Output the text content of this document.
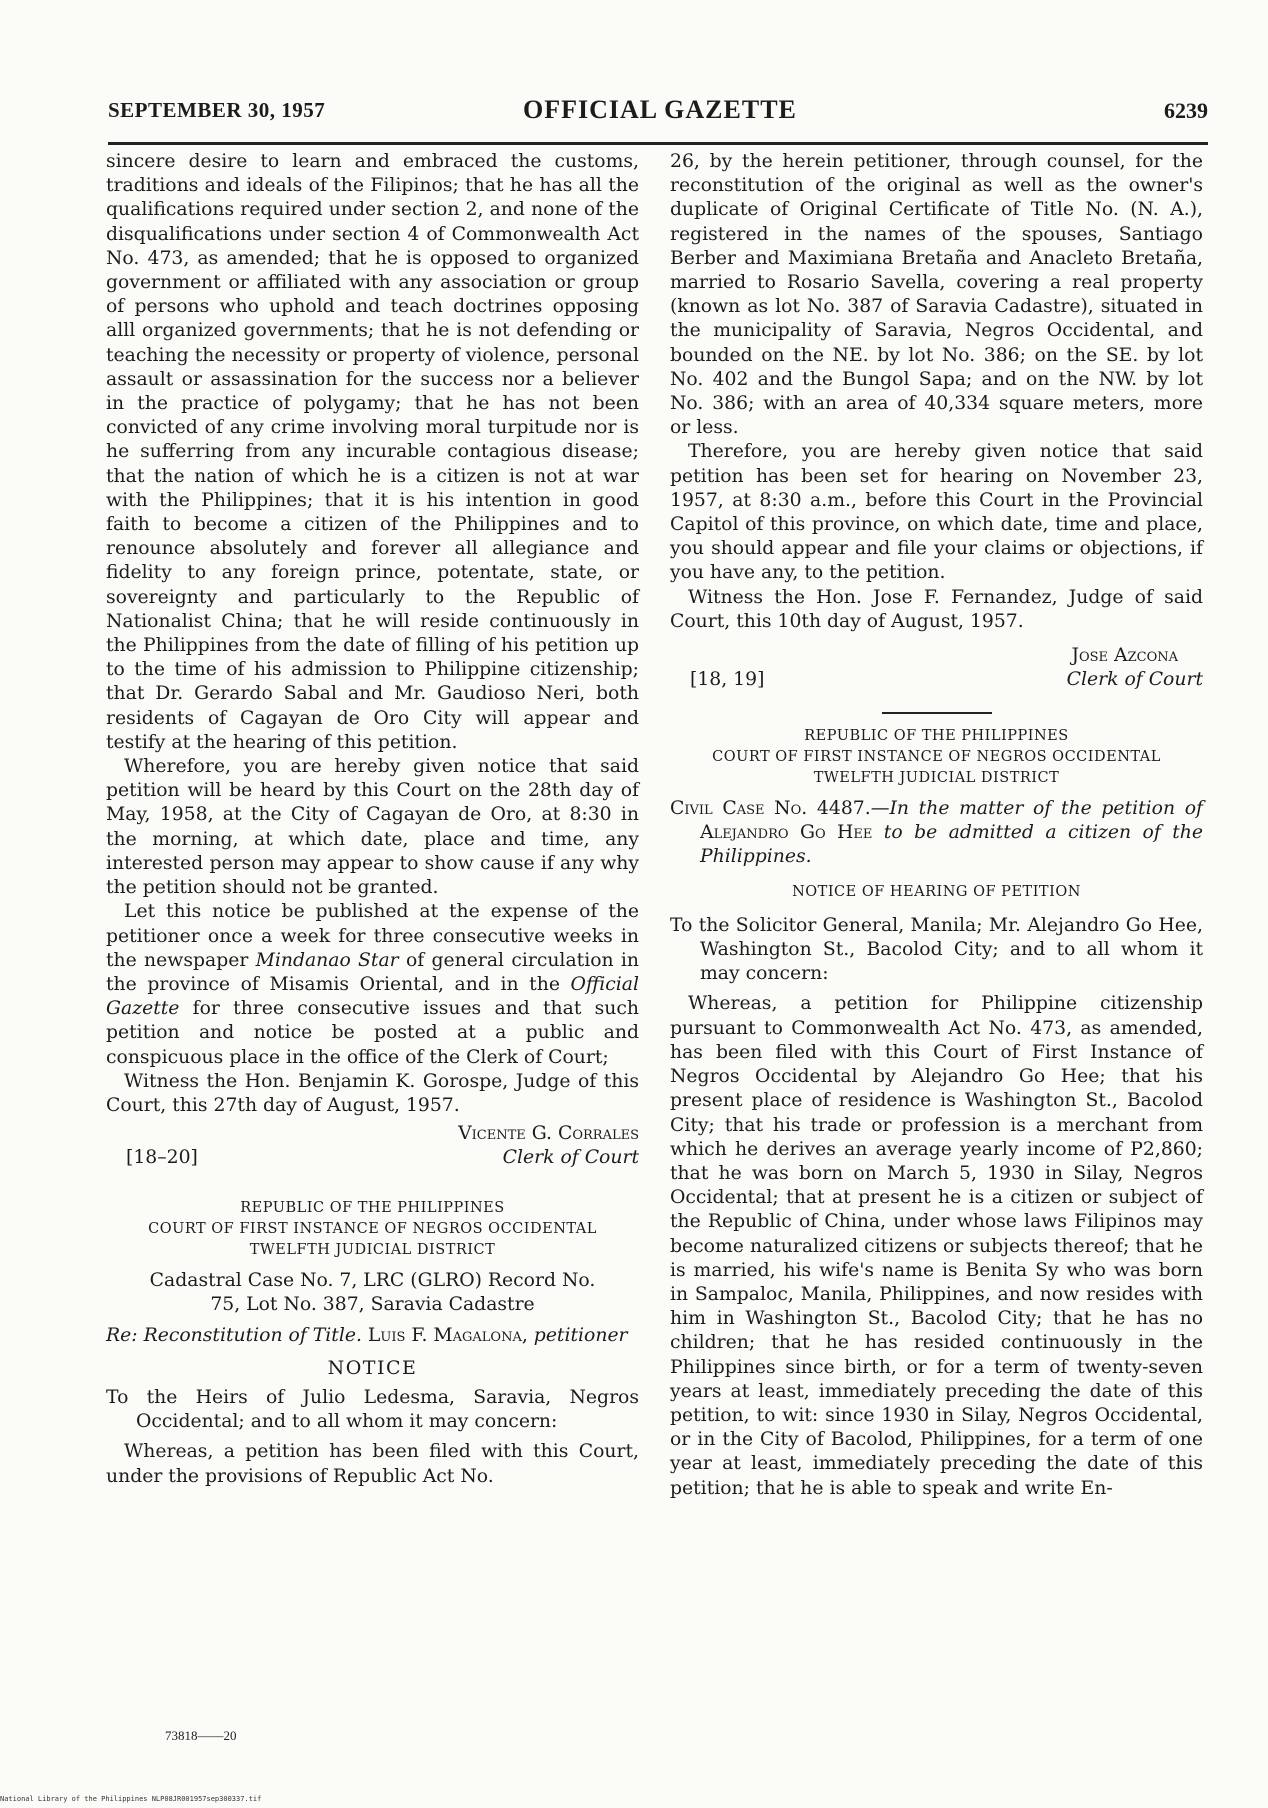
SEPTEMBER 30, 1957	OFFICIAL GAZETTE	6239

sincere desire to learn and embraced the customs, traditions and ideals of the Filipinos; that he has all the qualifications required under section 2, and none of the disqualifications under section 4 of Commonwealth Act No. 473, as amended; that he is opposed to organized government or affiliated with any association or group of persons who uphold and teach doctrines opposing alll organized governments; that he is not defending or teaching the necessity or property of violence, personal assault or assassination for the success nor a believer in the practice of polygamy; that he has not been convicted of any crime involving moral turpitude nor is he sufferring from any incurable contagious disease; that the nation of which he is a citizen is not at war with the Philippines; that it is his intention in good faith to become a citizen of the Philippines and to renounce absolutely and forever all allegiance and fidelity to any foreign prince, potentate, state, or sovereignty and particularly to the Republic of Nationalist China; that he will reside continuously in the Philippines from the date of filling of his petition up to the time of his admission to Philippine citizenship; that Dr. Gerardo Sabal and Mr. Gaudioso Neri, both residents of Cagayan de Oro City will appear and testify at the hearing of this petition.

Wherefore, you are hereby given notice that said petition will be heard by this Court on the 28th day of May, 1958, at the City of Cagayan de Oro, at 8:30 in the morning, at which date, place and time, any interested person may appear to show cause if any why the petition should not be granted.

Let this notice be published at the expense of the petitioner once a week for three consecutive weeks in the newspaper Mindanao Star of general circulation in the province of Misamis Oriental, and in the Official Gazette for three consecutive issues and that such petition and notice be posted at a public and conspicuous place in the office of the Clerk of Court;

Witness the Hon. Benjamin K. Gorospe, Judge of this Court, this 27th day of August, 1957.

Vicente G. Corrales
[18–20]	Clerk of Court
REPUBLIC OF THE PHILIPPINES
COURT OF FIRST INSTANCE OF NEGROS OCCIDENTAL
TWELFTH JUDICIAL DISTRICT
Cadastral Case No. 7, LRC (GLRO) Record No.
75, Lot No. 387, Saravia Cadastre

Re: Reconstitution of Title. Luis F. Magalona, petitioner

NOTICE

To the Heirs of Julio Ledesma, Saravia, Negros Occidental; and to all whom it may concern:

Whereas, a petition has been filed with this Court, under the provisions of Republic Act No.

73818——20

26, by the herein petitioner, through counsel, for the reconstitution of the original as well as the owner's duplicate of Original Certificate of Title No. (N. A.), registered in the names of the spouses, Santiago Berber and Maximiana Bretaña and Anacleto Bretaña, married to Rosario Savella, covering a real property (known as lot No. 387 of Saravia Cadastre), situated in the municipality of Saravia, Negros Occidental, and bounded on the NE. by lot No. 386; on the SE. by lot No. 402 and the Bungol Sapa; and on the NW. by lot No. 386; with an area of 40,334 square meters, more or less.

Therefore, you are hereby given notice that said petition has been set for hearing on November 23, 1957, at 8:30 a.m., before this Court in the Provincial Capitol of this province, on which date, time and place, you should appear and file your claims or objections, if you have any, to the petition.

Witness the Hon. Jose F. Fernandez, Judge of said Court, this 10th day of August, 1957.

Jose Azcona
[18, 19]	Clerk of Court
REPUBLIC OF THE PHILIPPINES
COURT OF FIRST INSTANCE OF NEGROS OCCIDENTAL
TWELFTH JUDICIAL DISTRICT

Civil Case No. 4487.—In the matter of the petition of Alejandro Go Hee to be admitted a citizen of the Philippines.

NOTICE OF HEARING OF PETITION

To the Solicitor General, Manila; Mr. Alejandro Go Hee, Washington St., Bacolod City; and to all whom it may concern:

Whereas, a petition for Philippine citizenship pursuant to Commonwealth Act No. 473, as amended, has been filed with this Court of First Instance of Negros Occidental by Alejandro Go Hee; that his present place of residence is Washington St., Bacolod City; that his trade or profession is a merchant from which he derives an average yearly income of P2,860; that he was born on March 5, 1930 in Silay, Negros Occidental; that at present he is a citizen or subject of the Republic of China, under whose laws Filipinos may become naturalized citizens or subjects thereof; that he is married, his wife's name is Benita Sy who was born in Sampaloc, Manila, Philippines, and now resides with him in Washington St., Bacolod City; that he has no children; that he has resided continuously in the Philippines since birth, or for a term of twenty-seven years at least, immediately preceding the date of this petition, to wit: since 1930 in Silay, Negros Occidental, or in the City of Bacolod, Philippines, for a term of one year at least, immediately preceding the date of this petition; that he is able to speak and write En-

National Library of the Philippines NLP08JR001957sep300337.tif
